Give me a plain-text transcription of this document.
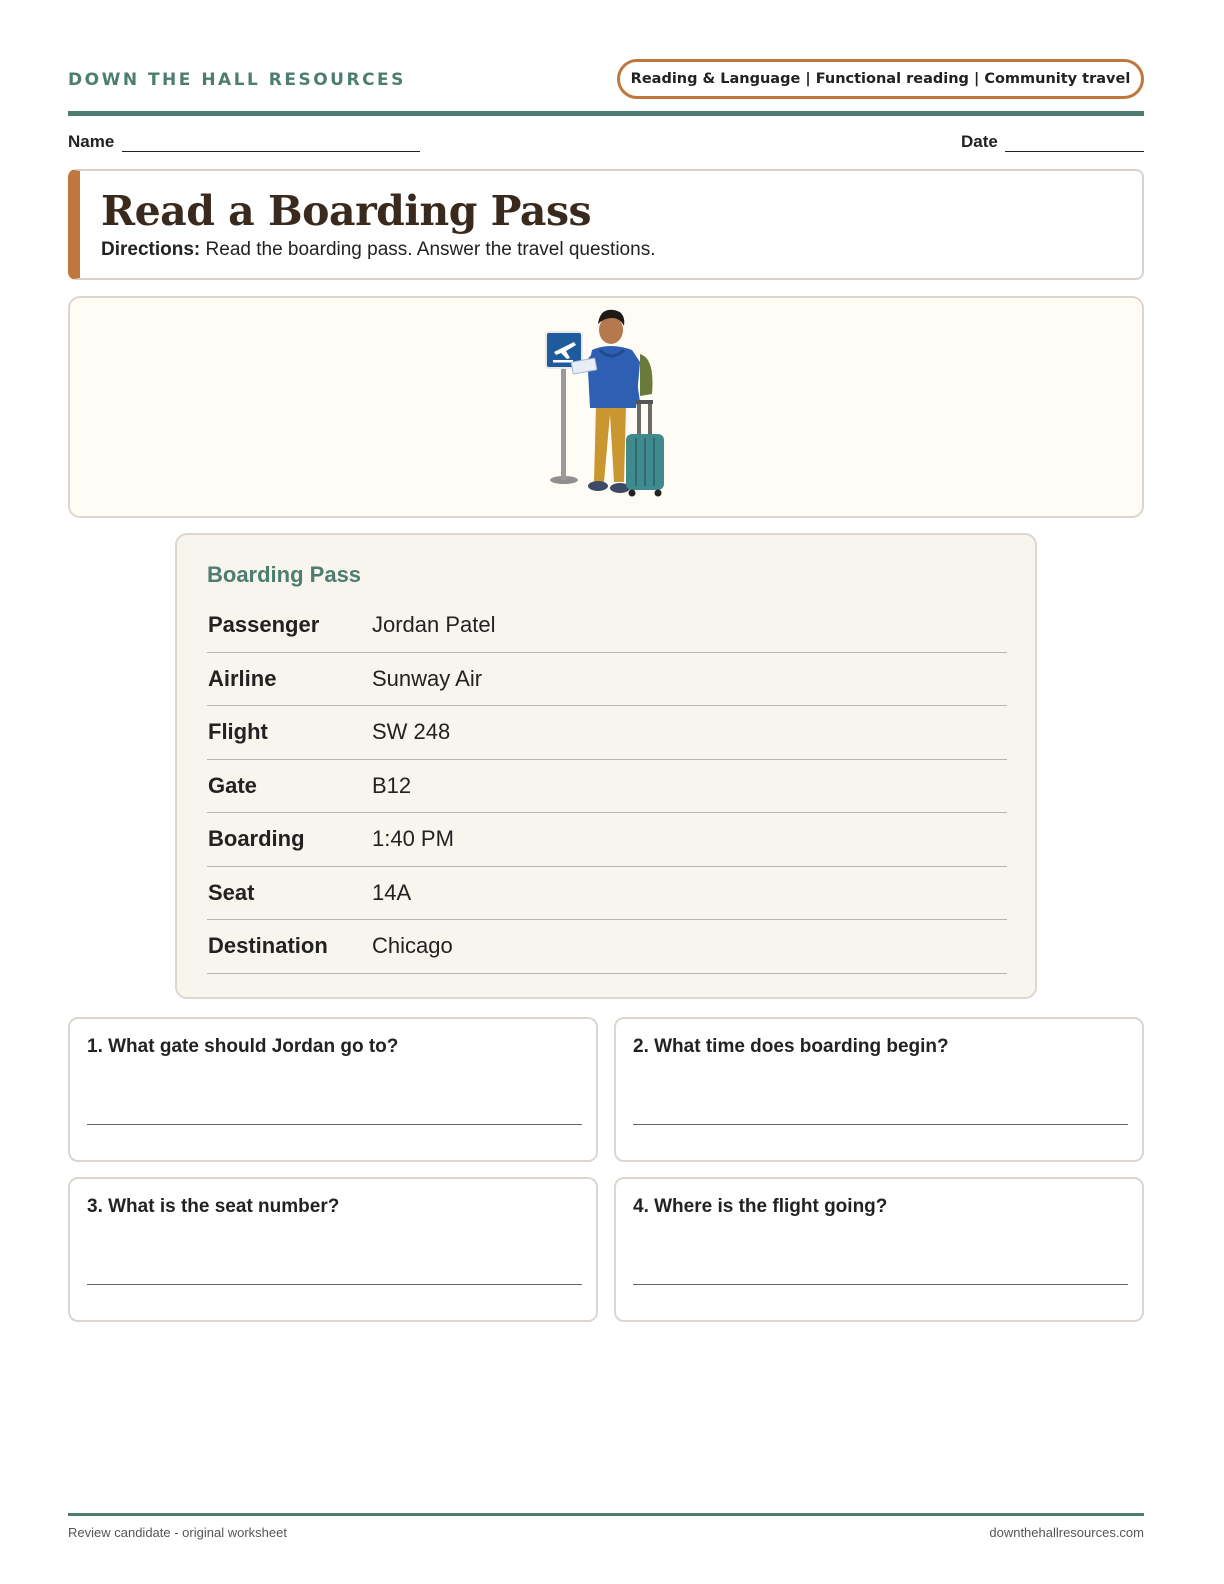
DOWN THE HALL RESOURCES	Reading & Language | Functional reading | Community travel
Name	Date
Read a Boarding Pass
Directions: Read the boarding pass. Answer the travel questions.
Boarding Pass
Passenger Jordan Patel
Airline	Sunway Air
Flight	SW 248
Gate	B12
Boarding	1:40 PM
Seat	14A
Destination Chicago
1. What gate should Jordan go to?	2. What time does boarding begin?
3. What is the seat number?	4. Where is the flight going?
Review candidate - original worksheet	downthehallresources.com
